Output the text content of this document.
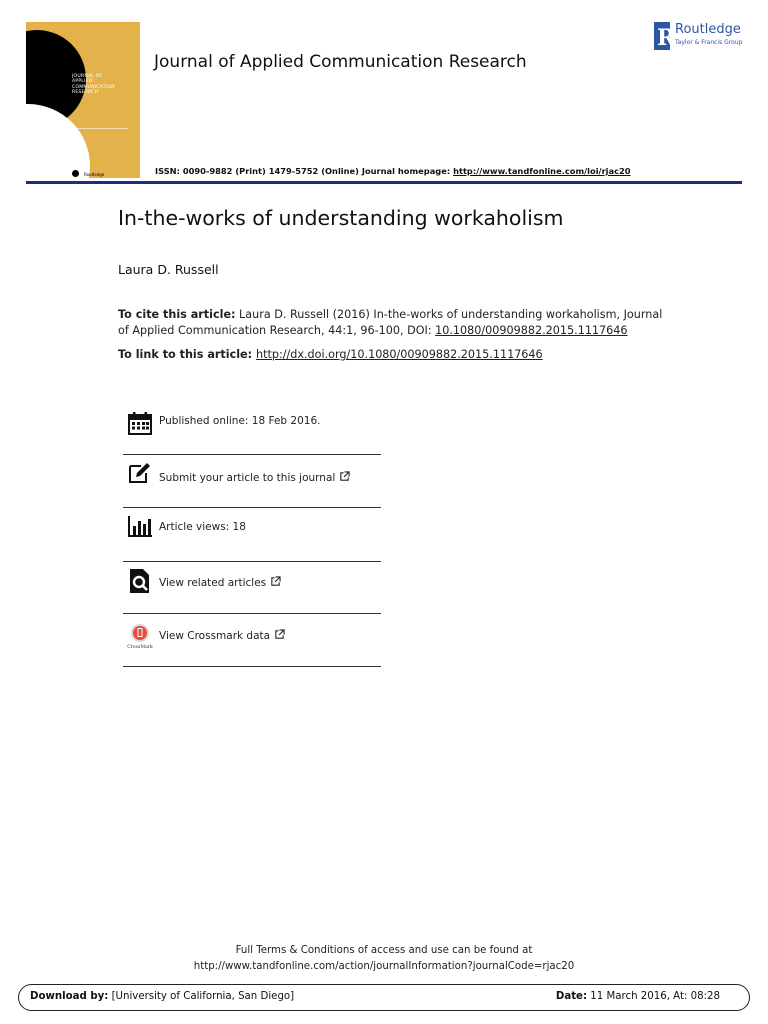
JOURNAL OF
APPLIED
COMMUNICATION
RESEARCH
Routledge
Journal of Applied Communication Research
R Routledge
Taylor & Francis Group
ISSN: 0090-9882 (Print) 1479-5752 (Online) Journal homepage: http://www.tandfonline.com/loi/rjac20
In-the-works of understanding workaholism
Laura D. Russell
To cite this article: Laura D. Russell (2016) In-the-works of understanding workaholism, Journal of Applied Communication Research, 44:1, 96-100, DOI: 10.1080/00909882.2015.1117646
To link to this article: http://dx.doi.org/10.1080/00909882.2015.1117646
Published online: 18 Feb 2016.
Submit your article to this journal
Article views: 18
View related articles
CrossMark
View Crossmark data
Full Terms & Conditions of access and use can be found at
http://www.tandfonline.com/action/journalInformation?journalCode=rjac20
Download by: [University of California, San Diego]	Date: 11 March 2016, At: 08:28
